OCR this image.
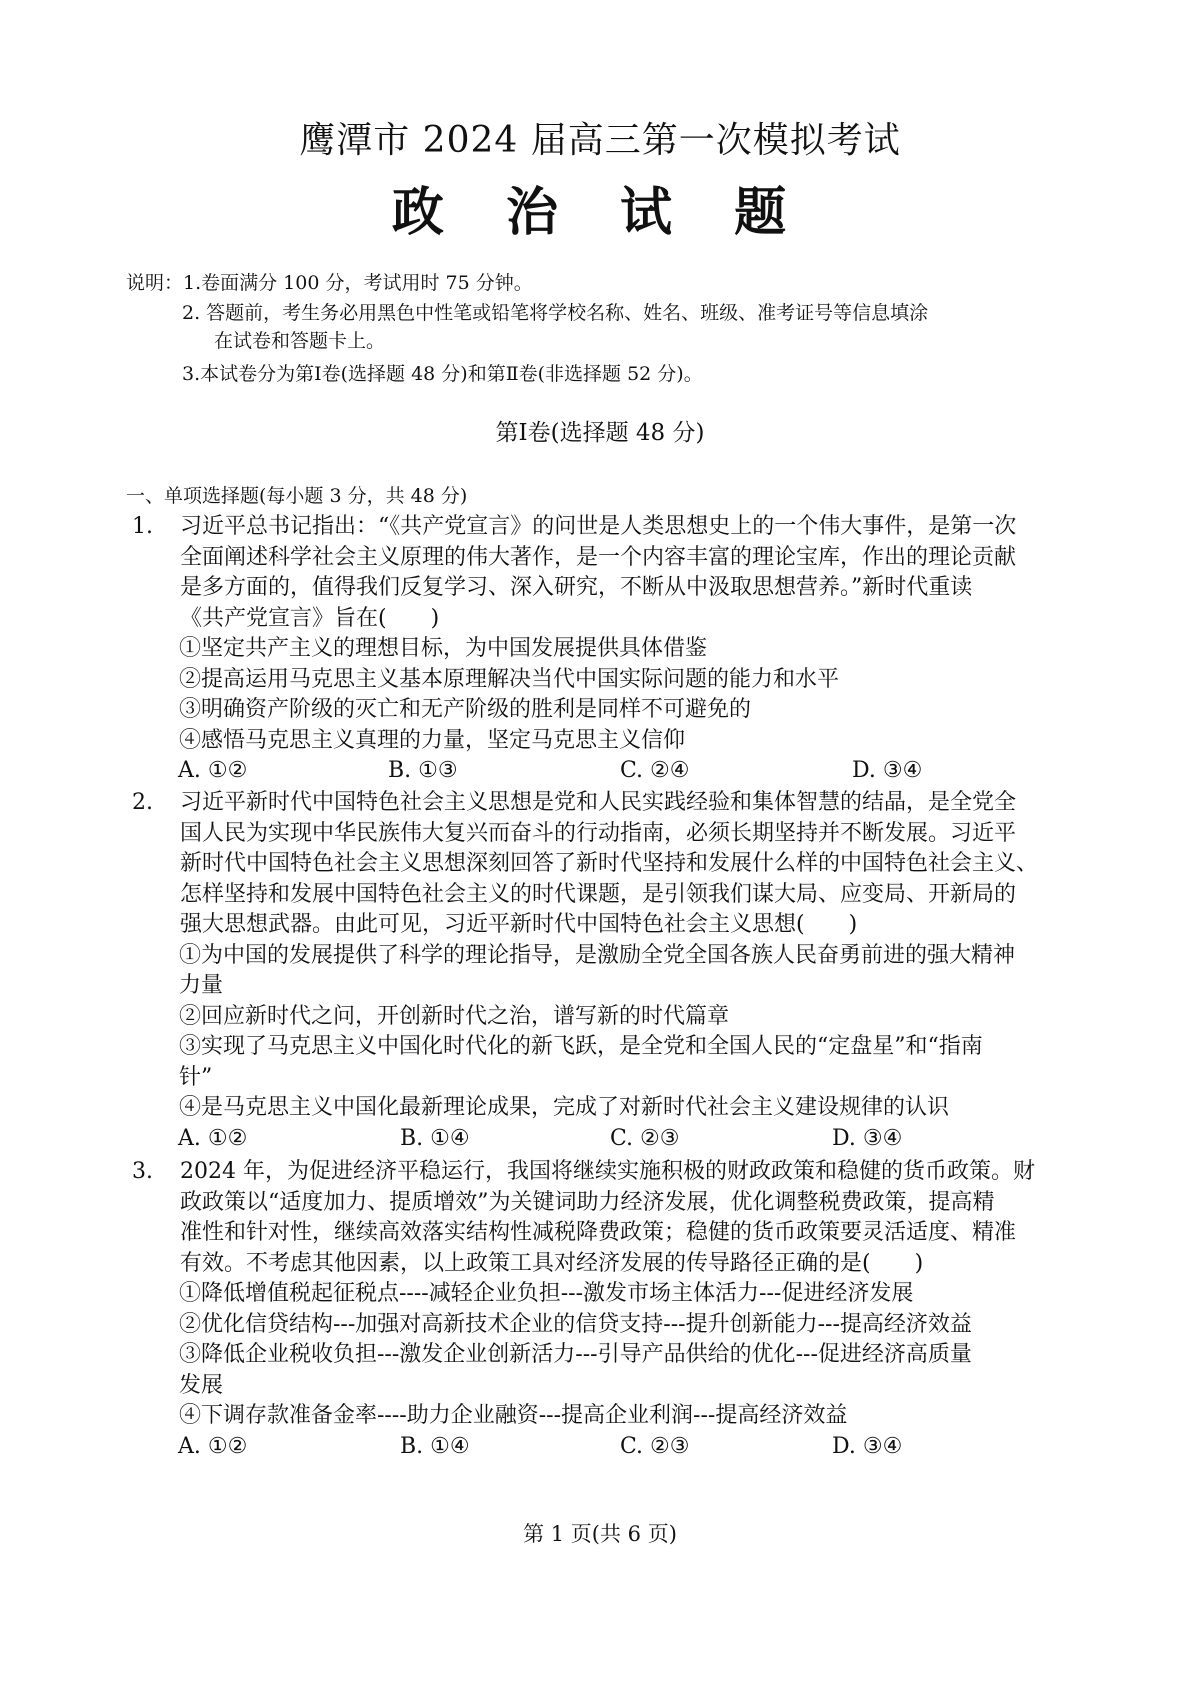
鹰潭市 2024 届高三第一次模拟考试
政 治 试 题
说明：1.卷面满分 100 分，考试用时 75 分钟。
2. 答题前，考生务必用黑色中性笔或铅笔将学校名称、姓名、班级、准考证号等信息填涂
在试卷和答题卡上。
3.本试卷分为第Ⅰ卷(选择题 48 分)和第Ⅱ卷(非选择题 52 分)。
第Ⅰ卷(选择题 48 分)
一、单项选择题(每小题 3 分，共 48 分)
1. 习近平总书记指出：“《共产党宣言》的问世是人类思想史上的一个伟大事件，是第一次
全面阐述科学社会主义原理的伟大著作，是一个内容丰富的理论宝库，作出的理论贡献
是多方面的，值得我们反复学习、深入研究，不断从中汲取思想营养。”新时代重读
《共产党宣言》旨在(　　)
①坚定共产主义的理想目标，为中国发展提供具体借鉴
②提高运用马克思主义基本原理解决当代中国实际问题的能力和水平
③明确资产阶级的灭亡和无产阶级的胜利是同样不可避免的
④感悟马克思主义真理的力量，坚定马克思主义信仰
A. ①②	B. ①③	C. ②④	D. ③④
2. 习近平新时代中国特色社会主义思想是党和人民实践经验和集体智慧的结晶，是全党全
国人民为实现中华民族伟大复兴而奋斗的行动指南，必须长期坚持并不断发展。习近平
新时代中国特色社会主义思想深刻回答了新时代坚持和发展什么样的中国特色社会主义、
怎样坚持和发展中国特色社会主义的时代课题，是引领我们谋大局、应变局、开新局的
强大思想武器。由此可见，习近平新时代中国特色社会主义思想(　　)
①为中国的发展提供了科学的理论指导，是激励全党全国各族人民奋勇前进的强大精神
力量
②回应新时代之问，开创新时代之治，谱写新的时代篇章
③实现了马克思主义中国化时代化的新飞跃，是全党和全国人民的“定盘星”和“指南
针”
④是马克思主义中国化最新理论成果，完成了对新时代社会主义建设规律的认识
A. ①②	B. ①④	C. ②③	D. ③④
3. 2024 年，为促进经济平稳运行，我国将继续实施积极的财政政策和稳健的货币政策。财
政政策以“适度加力、提质增效”为关键词助力经济发展，优化调整税费政策，提高精
准性和针对性，继续高效落实结构性减税降费政策；稳健的货币政策要灵活适度、精准
有效。不考虑其他因素，以上政策工具对经济发展的传导路径正确的是(　　)
①降低增值税起征税点----减轻企业负担---激发市场主体活力---促进经济发展
②优化信贷结构---加强对高新技术企业的信贷支持---提升创新能力---提高经济效益
③降低企业税收负担---激发企业创新活力---引导产品供给的优化---促进经济高质量
发展
④下调存款准备金率----助力企业融资---提高企业利润---提高经济效益
A. ①②	B. ①④	C. ②③	D. ③④
第 1 页(共 6 页)
